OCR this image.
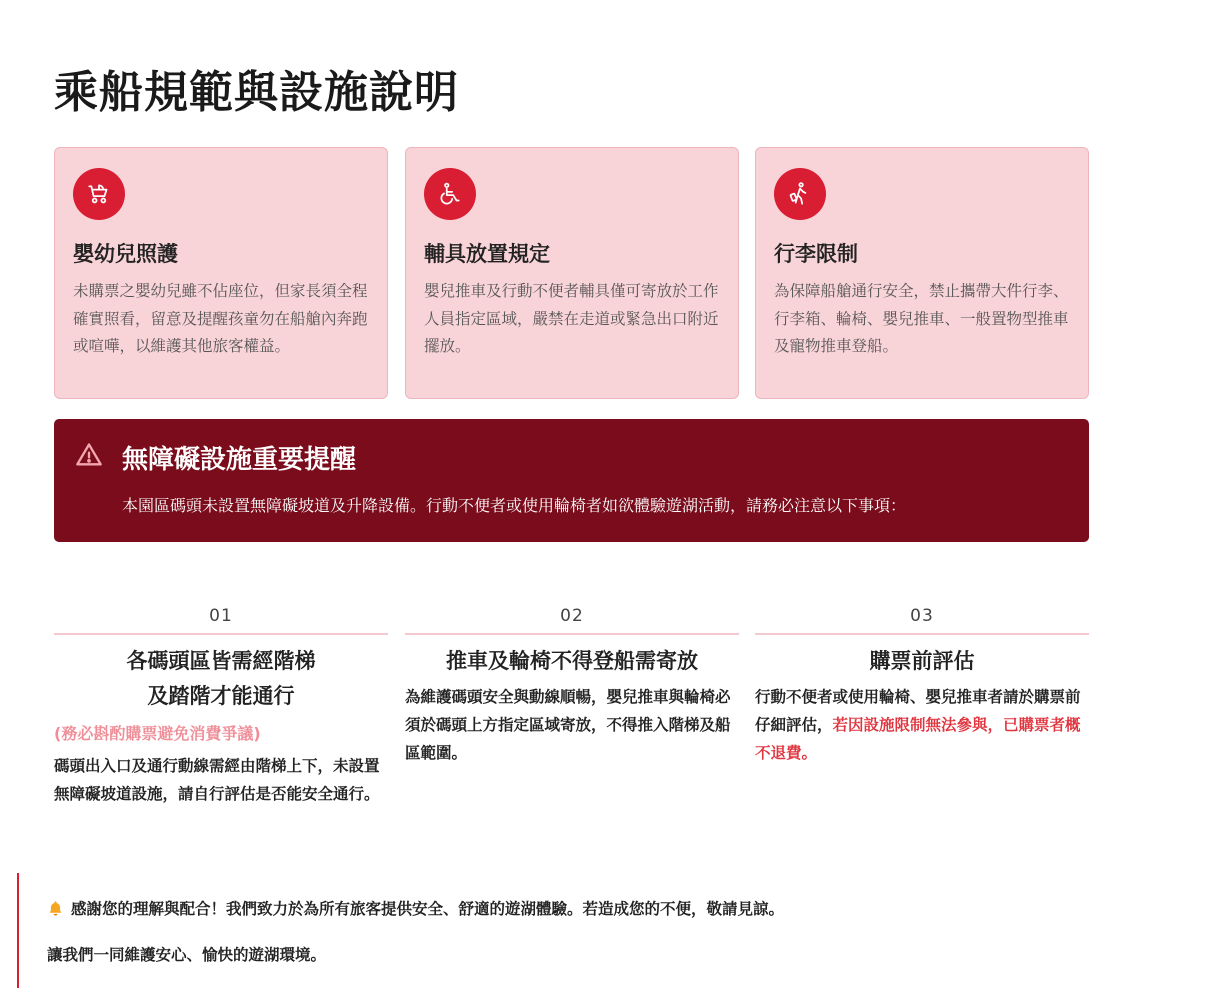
乘船規範與設施說明
嬰幼兒照護
未購票之嬰幼兒雖不佔座位，但家長須全程確實照看，留意及提醒孩童勿在船艙內奔跑或喧嘩，以維護其他旅客權益。
輔具放置規定
嬰兒推車及行動不便者輔具僅可寄放於工作人員指定區域，嚴禁在走道或緊急出口附近擺放。
行李限制
為保障船艙通行安全，禁止攜帶大件行李、行李箱、輪椅、嬰兒推車、一般置物型推車及寵物推車登船。
無障礙設施重要提醒
本園區碼頭未設置無障礙坡道及升降設備。行動不便者或使用輪椅者如欲體驗遊湖活動，請務必注意以下事項：
01
各碼頭區皆需經階梯
及踏階才能通行
(務必斟酌購票避免消費爭議)
碼頭出入口及通行動線需經由階梯上下，未設置無障礙坡道設施，請自行評估是否能安全通行。
02
推車及輪椅不得登船需寄放
為維護碼頭安全與動線順暢，嬰兒推車與輪椅必須於碼頭上方指定區域寄放，不得推入階梯及船區範圍。
03
購票前評估
行動不便者或使用輪椅、嬰兒推車者請於購票前仔細評估，若因設施限制無法參與，已購票者概不退費。
感謝您的理解與配合！我們致力於為所有旅客提供安全、舒適的遊湖體驗。若造成您的不便，敬請見諒。
讓我們一同維護安心、愉快的遊湖環境。
